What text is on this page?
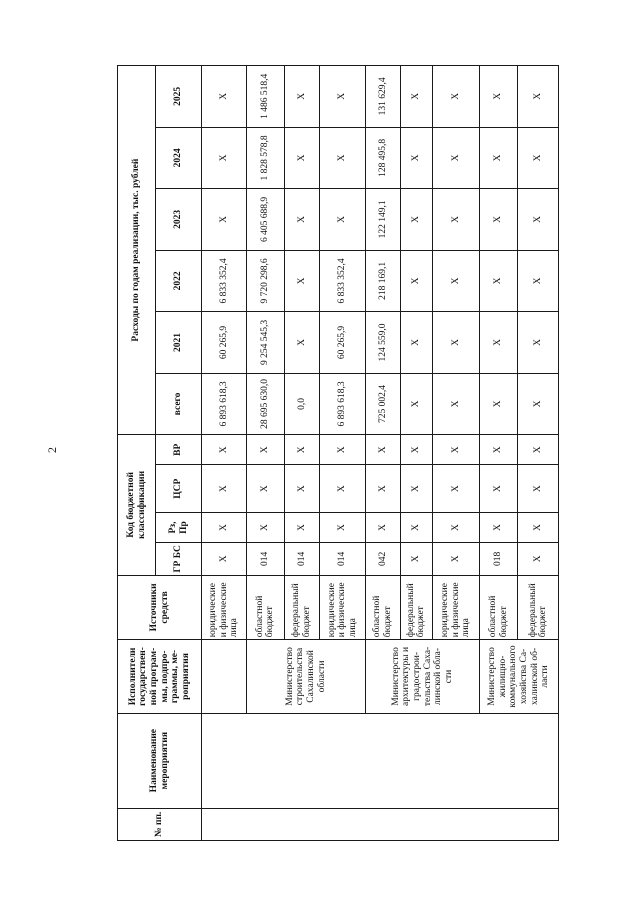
2
№ пп.	Наименование мероприятия	Исполнители государствен-ной програм-мы, подпро-граммы, ме-роприятия	Источники средств	Код бюджетной классификации				Расходы по годам реализации, тыс. рублей					
				ГР БС	Рз, Пр	ЦСР	ВР	всего	2021	2022	2023	2024	2025
			юридические и физические лица	X	X	X	X	6 893 618,3	60 265,9	6 833 352,4	X	X	X
		Министерство строительства Сахалинской области	областной бюджет	014	X	X	X	28 695 630,0	9 254 545,3	9 720 298,6	6 405 688,9	1 828 578,8	1 486 518,4
			федеральный бюджет	014	X	X	X	0,0	X	X	X	X	X
			юридические и физические лица	014	X	X	X	6 893 618,3	60 265,9	6 833 352,4	X	X	X
		Министерство архитектуры и градострои-тельства Саха-линской обла-сти	областной бюджет	042	X	X	X	725 002,4	124 559,0	218 169,1	122 149,1	128 495,8	131 629,4
			федеральный бюджет	X	X	X	X	X	X	X	X	X	X
			юридические и физические лица	X	X	X	X	X	X	X	X	X	X
		Министерство жилищно-коммунального хозяйства Са-халинской об-ласти	областной бюджет	018	X	X	X	X	X	X	X	X	X
			федеральный бюджет	X	X	X	X	X	X	X	X	X	X
